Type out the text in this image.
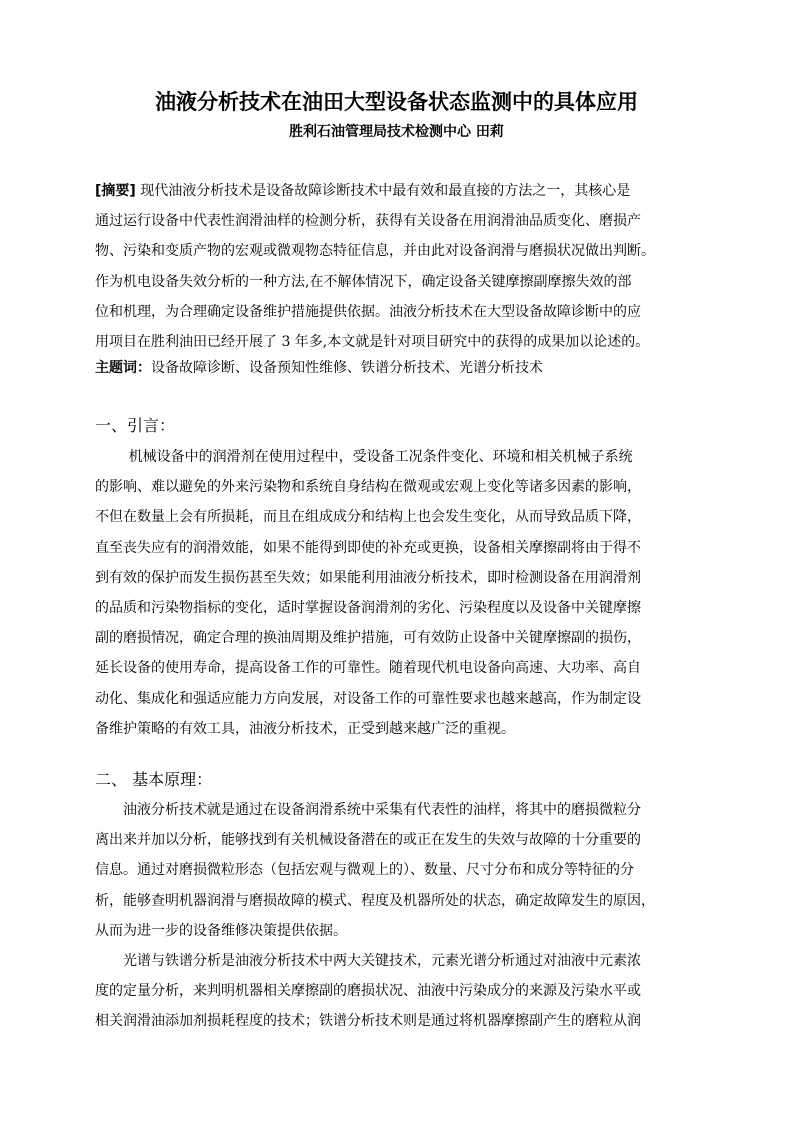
油液分析技术在油田大型设备状态监测中的具体应用
胜利石油管理局技术检测中心 田莉
[摘要] 现代油液分析技术是设备故障诊断技术中最有效和最直接的方法之一，其核心是
通过运行设备中代表性润滑油样的检测分析，获得有关设备在用润滑油品质变化、磨损产
物、污染和变质产物的宏观或微观物态特征信息，并由此对设备润滑与磨损状况做出判断。
作为机电设备失效分析的一种方法,在不解体情况下，确定设备关键摩擦副摩擦失效的部
位和机理，为合理确定设备维护措施提供依据。油液分析技术在大型设备故障诊断中的应
用项目在胜利油田已经开展了 3 年多,本文就是针对项目研究中的获得的成果加以论述的。
主题词：设备故障诊断、设备预知性维修、铁谱分析技术、光谱分析技术
一、引言：
机械设备中的润滑剂在使用过程中，受设备工况条件变化、环境和相关机械子系统
的影响、难以避免的外来污染物和系统自身结构在微观或宏观上变化等诸多因素的影响，
不但在数量上会有所损耗，而且在组成成分和结构上也会发生变化，从而导致品质下降，
直至丧失应有的润滑效能，如果不能得到即使的补充或更换，设备相关摩擦副将由于得不
到有效的保护而发生损伤甚至失效；如果能利用油液分析技术，即时检测设备在用润滑剂
的品质和污染物指标的变化，适时掌握设备润滑剂的劣化、污染程度以及设备中关键摩擦
副的磨损情况，确定合理的换油周期及维护措施，可有效防止设备中关键摩擦副的损伤，
延长设备的使用寿命，提高设备工作的可靠性。随着现代机电设备向高速、大功率、高自
动化、集成化和强适应能力方向发展，对设备工作的可靠性要求也越来越高，作为制定设
备维护策略的有效工具，油液分析技术，正受到越来越广泛的重视。
二、 基本原理：
油液分析技术就是通过在设备润滑系统中采集有代表性的油样，将其中的磨损微粒分
离出来并加以分析，能够找到有关机械设备潜在的或正在发生的失效与故障的十分重要的
信息。通过对磨损微粒形态（包括宏观与微观上的）、数量、尺寸分布和成分等特征的分
析，能够查明机器润滑与磨损故障的模式、程度及机器所处的状态，确定故障发生的原因，
从而为进一步的设备维修决策提供依据。
光谱与铁谱分析是油液分析技术中两大关键技术，元素光谱分析通过对油液中元素浓
度的定量分析，来判明机器相关摩擦副的磨损状况、油液中污染成分的来源及污染水平或
相关润滑油添加剂损耗程度的技术；铁谱分析技术则是通过将机器摩擦副产生的磨粒从润
